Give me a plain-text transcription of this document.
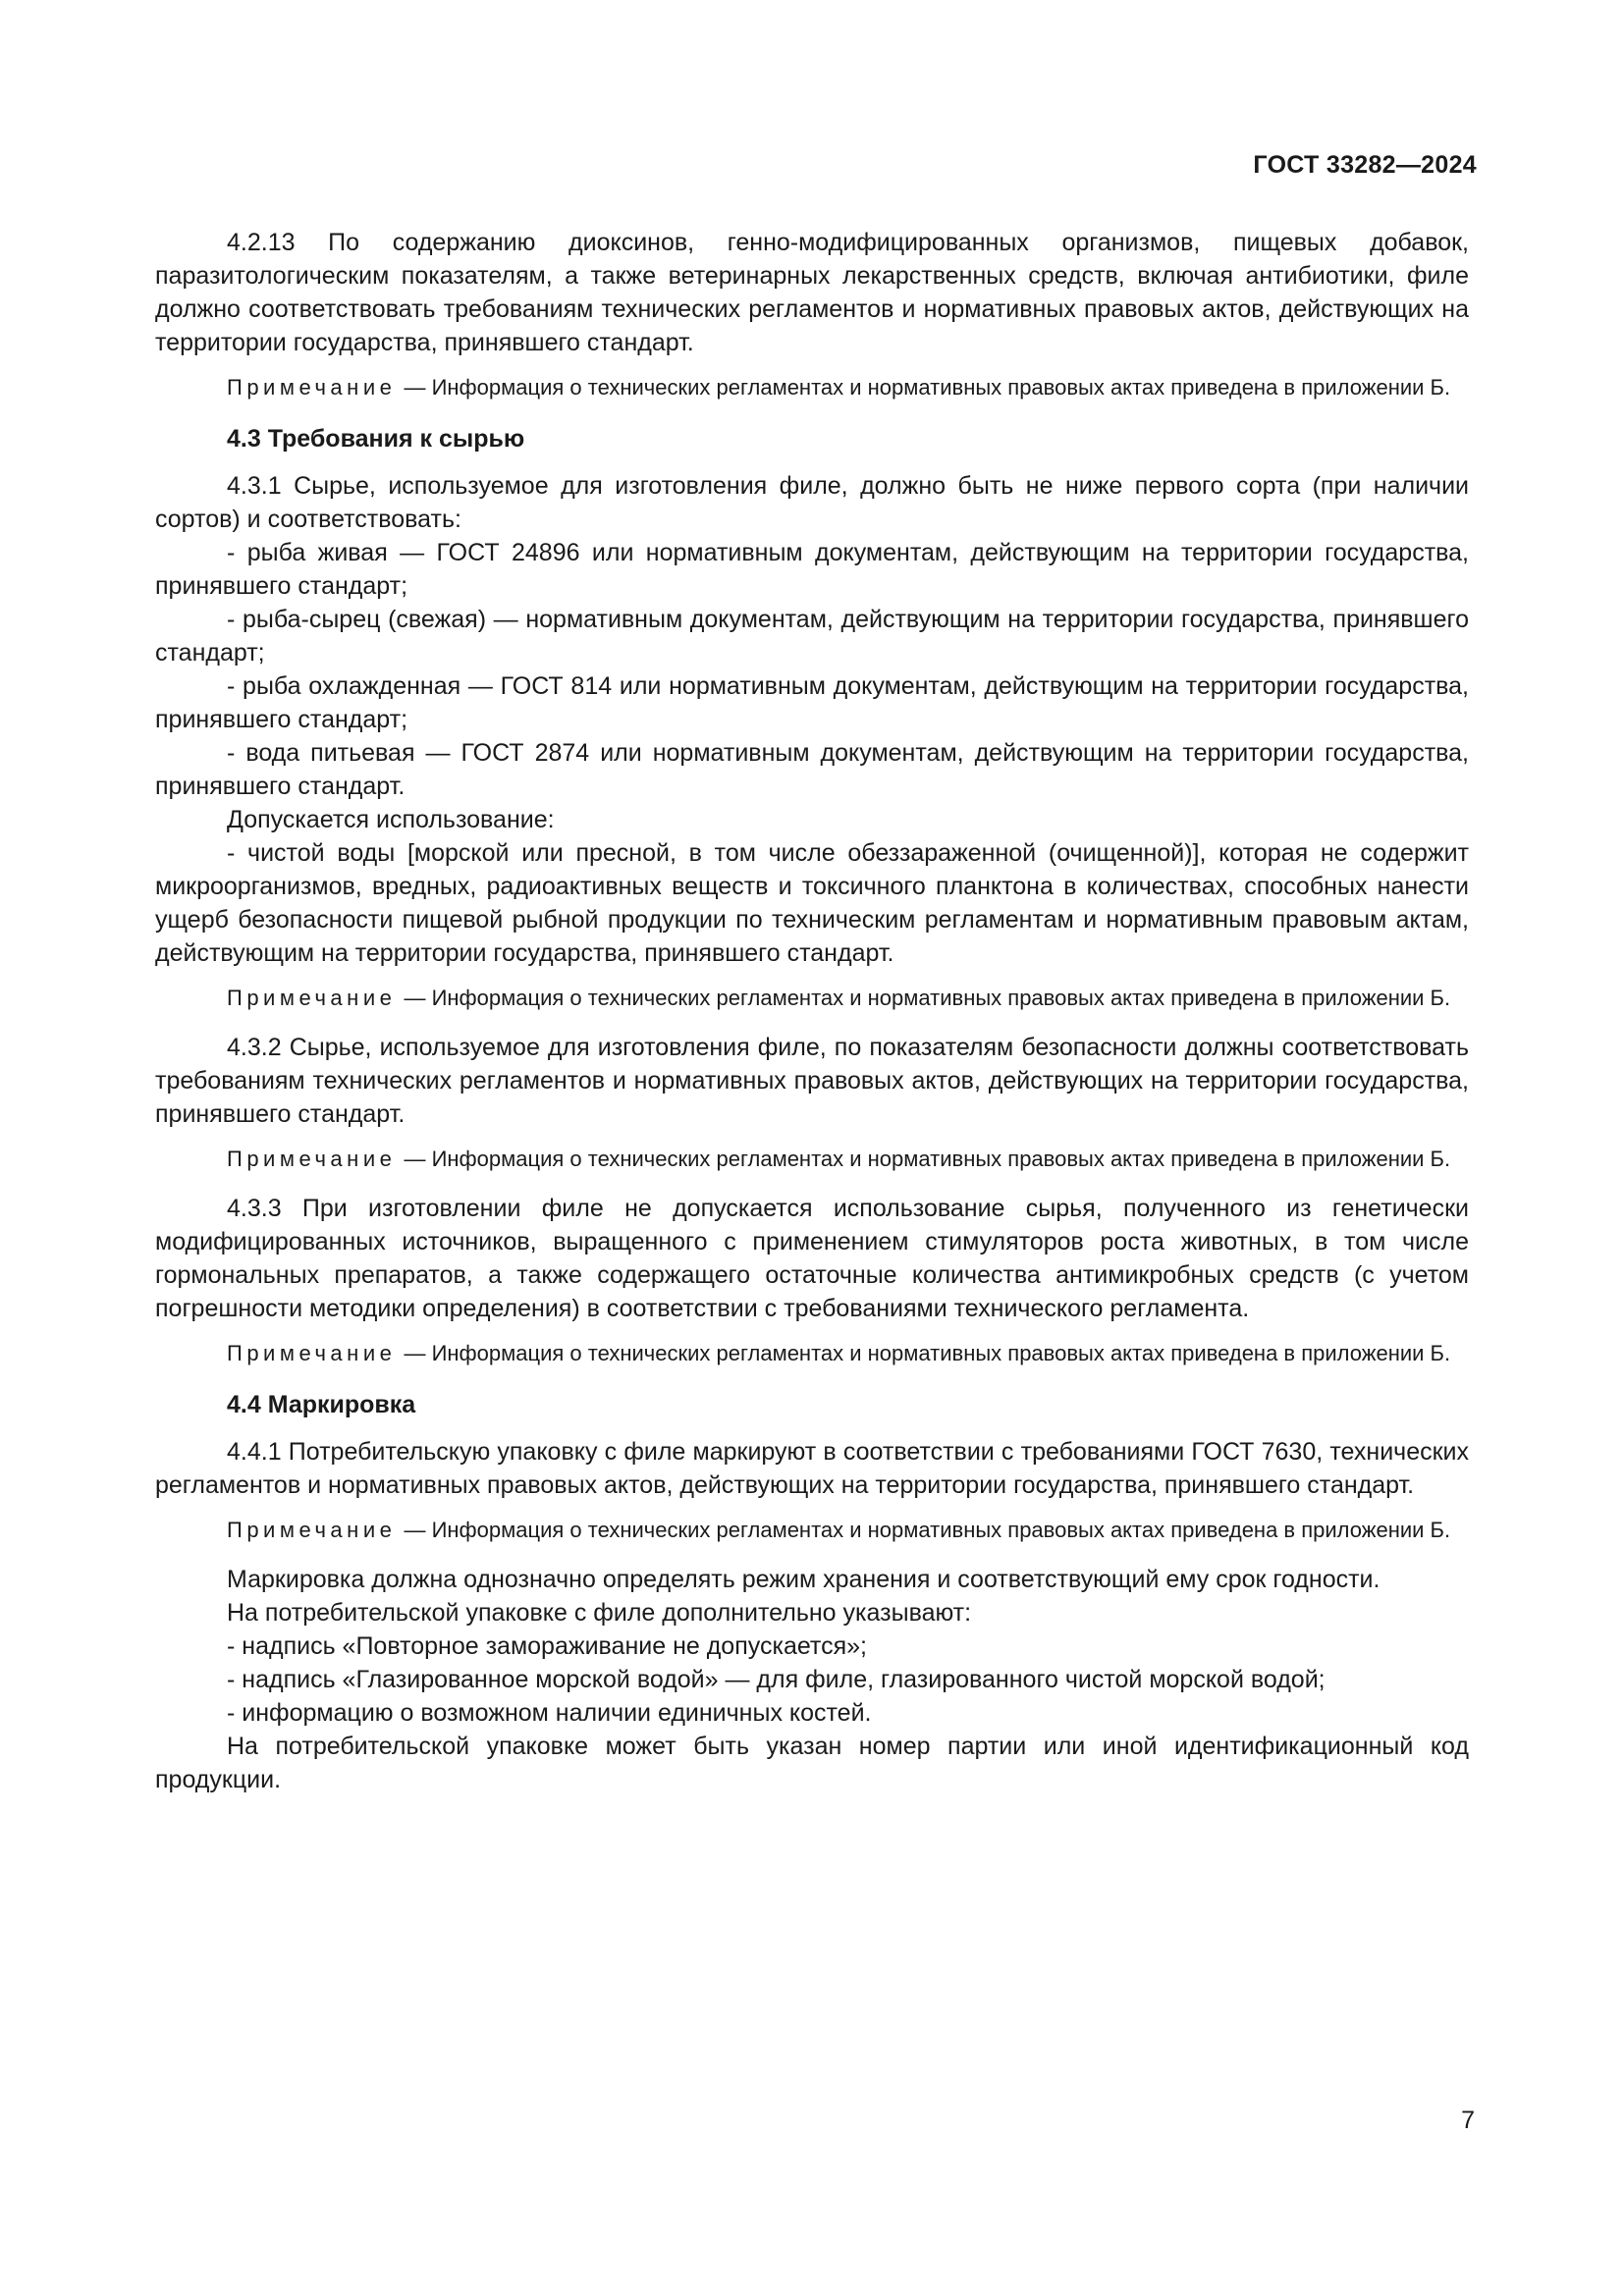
ГОСТ 33282—2024

4.2.13 По содержанию диоксинов, генно-модифицированных организмов, пищевых добавок, паразитологическим показателям, а также ветеринарных лекарственных средств, включая антибиотики, филе должно соответствовать требованиям технических регламентов и нормативных правовых актов, действующих на территории государства, принявшего стандарт.

Примечание — Информация о технических регламентах и нормативных правовых актах приведена в приложении Б.

4.3 Требования к сырью

4.3.1 Сырье, используемое для изготовления филе, должно быть не ниже первого сорта (при наличии сортов) и соответствовать:

- рыба живая — ГОСТ 24896 или нормативным документам, действующим на территории государства, принявшего стандарт;

- рыба-сырец (свежая) — нормативным документам, действующим на территории государства, принявшего стандарт;

- рыба охлажденная — ГОСТ 814 или нормативным документам, действующим на территории государства, принявшего стандарт;

- вода питьевая — ГОСТ 2874 или нормативным документам, действующим на территории государства, принявшего стандарт.

Допускается использование:

- чистой воды [морской или пресной, в том числе обеззараженной (очищенной)], которая не содержит микроорганизмов, вредных, радиоактивных веществ и токсичного планктона в количествах, способных нанести ущерб безопасности пищевой рыбной продукции по техническим регламентам и нормативным правовым актам, действующим на территории государства, принявшего стандарт.

Примечание — Информация о технических регламентах и нормативных правовых актах приведена в приложении Б.

4.3.2 Сырье, используемое для изготовления филе, по показателям безопасности должны соответствовать требованиям технических регламентов и нормативных правовых актов, действующих на территории государства, принявшего стандарт.

Примечание — Информация о технических регламентах и нормативных правовых актах приведена в приложении Б.

4.3.3 При изготовлении филе не допускается использование сырья, полученного из генетически модифицированных источников, выращенного с применением стимуляторов роста животных, в том числе гормональных препаратов, а также содержащего остаточные количества антимикробных средств (с учетом погрешности методики определения) в соответствии с требованиями технического регламента.

Примечание — Информация о технических регламентах и нормативных правовых актах приведена в приложении Б.

4.4 Маркировка

4.4.1 Потребительскую упаковку с филе маркируют в соответствии с требованиями ГОСТ 7630, технических регламентов и нормативных правовых актов, действующих на территории государства, принявшего стандарт.

Примечание — Информация о технических регламентах и нормативных правовых актах приведена в приложении Б.

Маркировка должна однозначно определять режим хранения и соответствующий ему срок годности.

На потребительской упаковке с филе дополнительно указывают:

- надпись «Повторное замораживание не допускается»;

- надпись «Глазированное морской водой» — для филе, глазированного чистой морской водой;

- информацию о возможном наличии единичных костей.

На потребительской упаковке может быть указан номер партии или иной идентификационный код продукции.

7
